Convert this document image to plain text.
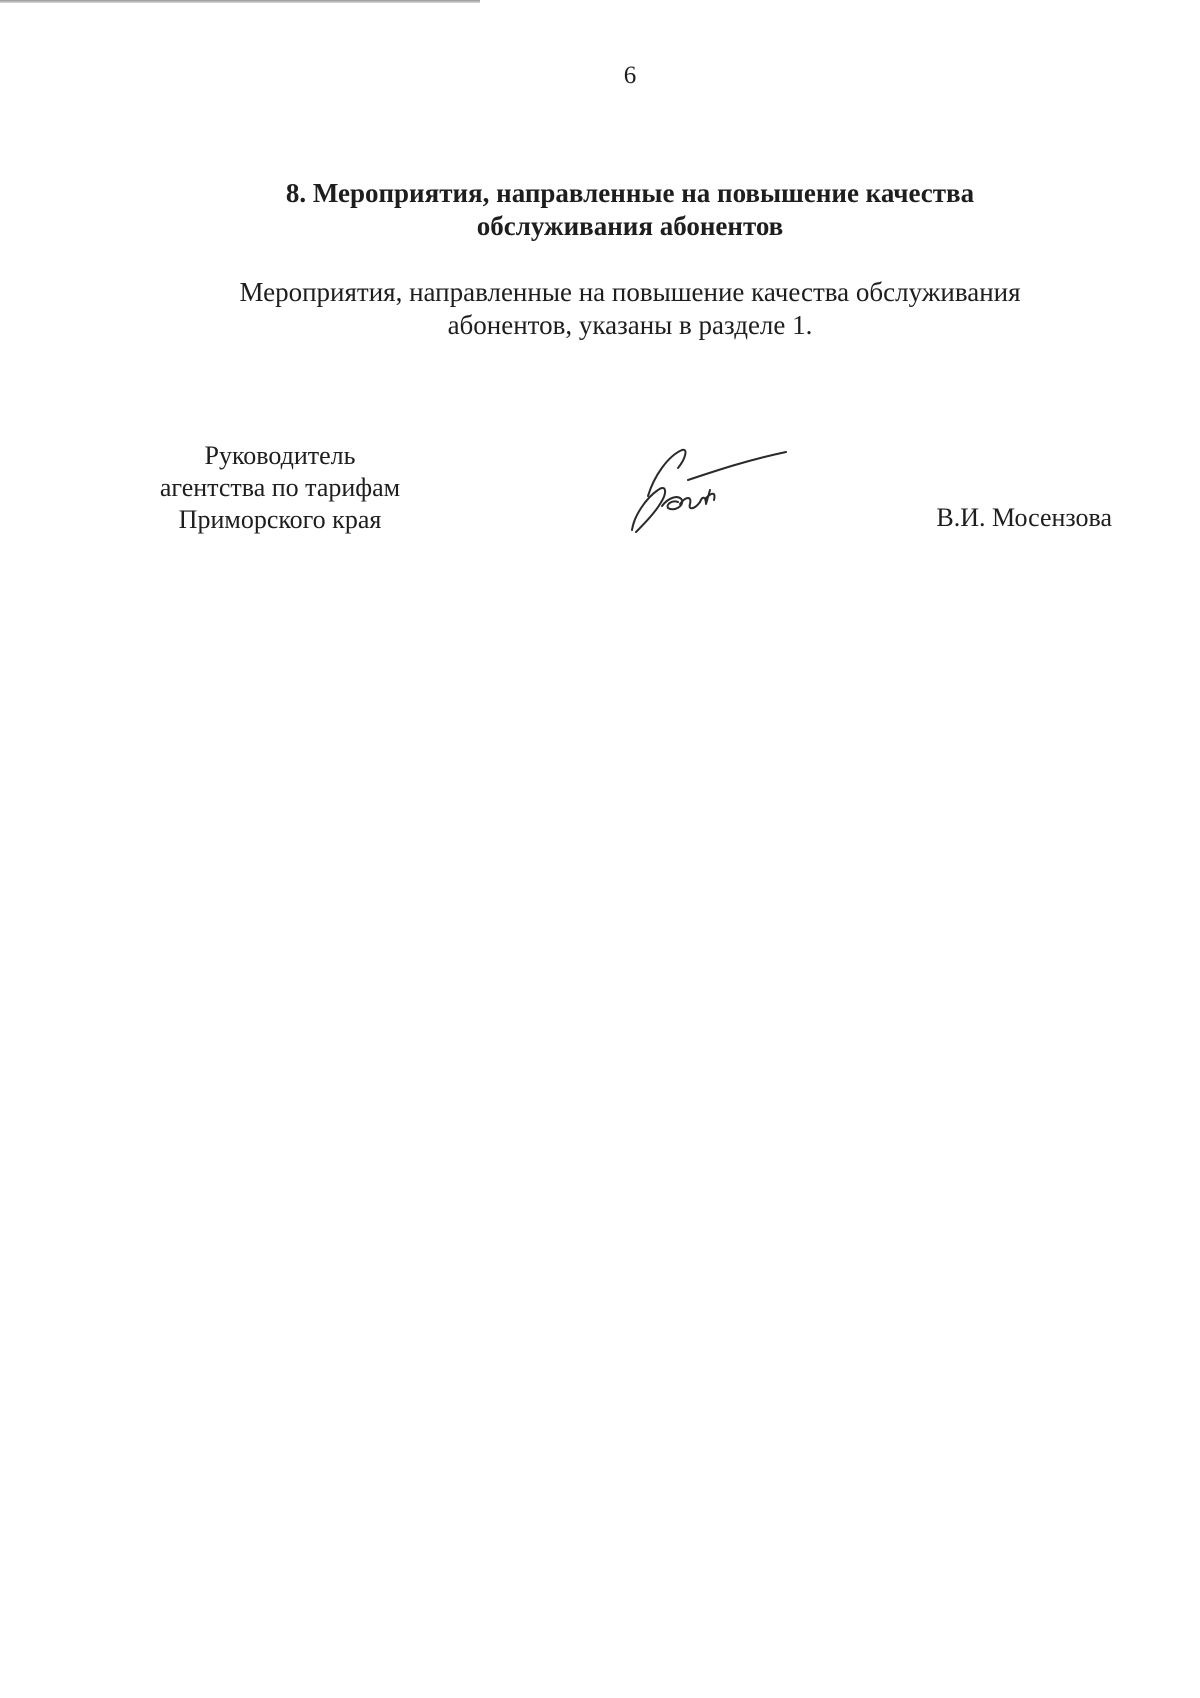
6
8. Мероприятия, направленные на повышение качества
обслуживания абонентов
Мероприятия, направленные на повышение качества обслуживания
абонентов, указаны в разделе 1.
Руководитель
агентства по тарифам
Приморского края	В.И. Мосензова
